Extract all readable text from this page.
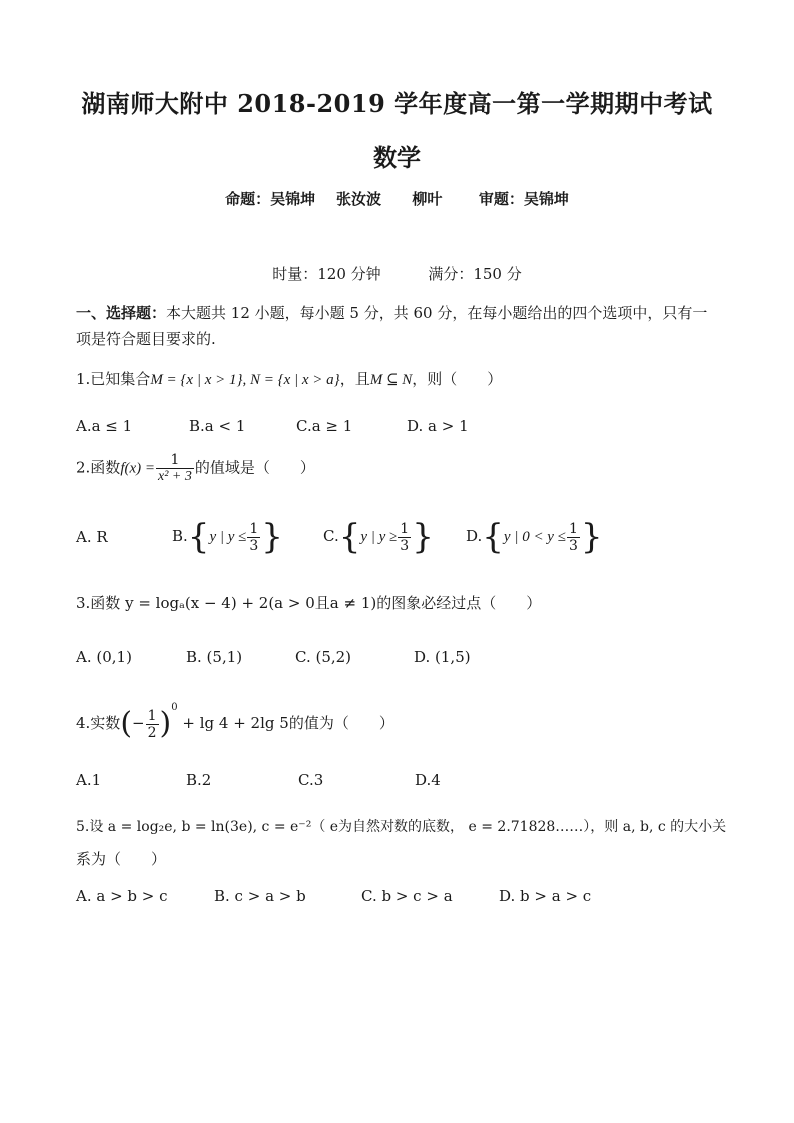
湖南师大附中 2018-2019 学年度高一第一学期期中考试
数学
命题：吴锦坤    张汝波      柳叶       审题：吴锦坤
时量：120 分钟          满分：150 分
一、选择题：本大题共 12 小题，每小题 5 分，共 60 分，在每小题给出的四个选项中，只有一项是符合题目要求的.
1.已知集合M = {x | x > 1}, N = {x | x > a}，且M ⊆ N，则（　　）
A.a ≤ 1	B.a < 1	C.a ≥ 1	D. a > 1
2.函数$f(x) = \frac{1}{\text{x² + 3}}$ 的值域是（　　）
A. R	B.{y | $y \le \frac{1}{3}$ }	C.{y | $y \ge \frac{1}{3}$ } D.{y | $0 < y \le \frac{1}{3}$ }
3.函数 y = logₐ(x − 4) + 2(a > 0且a ≠ 1)的图象必经过点（　　）
A. (0,1)	B. (5,1)	C. (5,2)	D. (1,5)
4.实数(− $\frac{1}{2} )^0 + \lg 4 + 2\lg$ 5的值为（　　）
A.1	B.2	C.3	D.4
5.设 a = log₂e, b = ln(3e), c = e⁻²（ e为自然对数的底数， e = 2.71828……），则 a, b, c 的大小关
系为（　　）
A. a > b > c	B. c > a > b	C. b > c > a	D. b > a > c
